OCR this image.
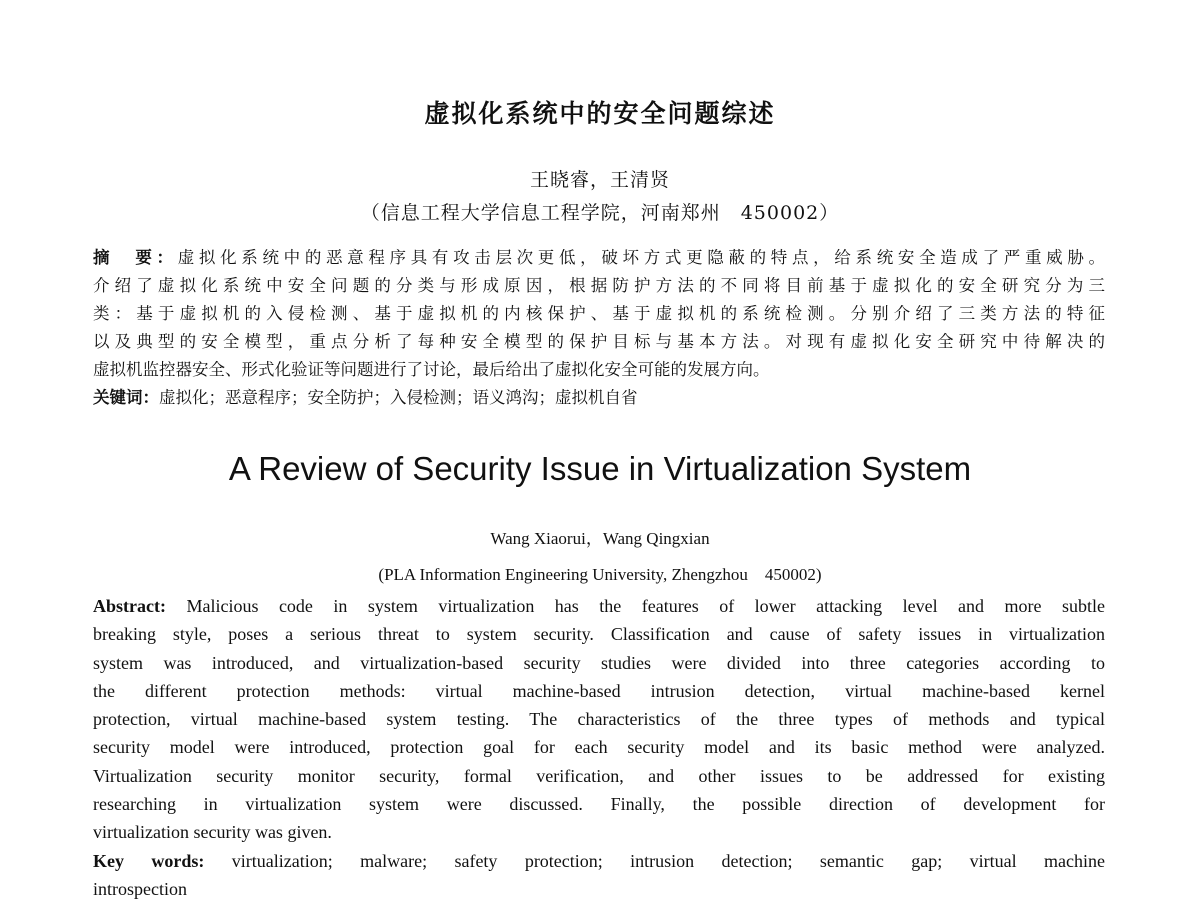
虚拟化系统中的安全问题综述
王晓睿，王清贤
（信息工程大学信息工程学院，河南郑州　450002）
摘　要：虚拟化系统中的恶意程序具有攻击层次更低，破坏方式更隐蔽的特点，给系统安全造成了严重威胁。
介绍了虚拟化系统中安全问题的分类与形成原因，根据防护方法的不同将目前基于虚拟化的安全研究分为三
类：基于虚拟机的入侵检测、基于虚拟机的内核保护、基于虚拟机的系统检测。分别介绍了三类方法的特征
以及典型的安全模型，重点分析了每种安全模型的保护目标与基本方法。对现有虚拟化安全研究中待解决的
虚拟机监控器安全、形式化验证等问题进行了讨论，最后给出了虚拟化安全可能的发展方向。
关键词：虚拟化；恶意程序；安全防护；入侵检测；语义鸿沟；虚拟机自省
A Review of Security Issue in Virtualization System
Wang Xiaorui，Wang Qingxian
(PLA Information Engineering University, Zhengzhou　450002)
Abstract: Malicious code in system virtualization has the features of lower attacking level and more subtle
breaking style, poses a serious threat to system security. Classification and cause of safety issues in virtualization
system was introduced, and virtualization-based security studies were divided into three categories according to
the different protection methods: virtual machine-based intrusion detection, virtual machine-based kernel
protection, virtual machine-based system testing. The characteristics of the three types of methods and typical
security model were introduced, protection goal for each security model and its basic method were analyzed.
Virtualization security monitor security, formal verification, and other issues to be addressed for existing
researching in virtualization system were discussed. Finally, the possible direction of development for
virtualization security was given.
Key words: virtualization; malware; safety protection; intrusion detection; semantic gap; virtual machine
introspection
